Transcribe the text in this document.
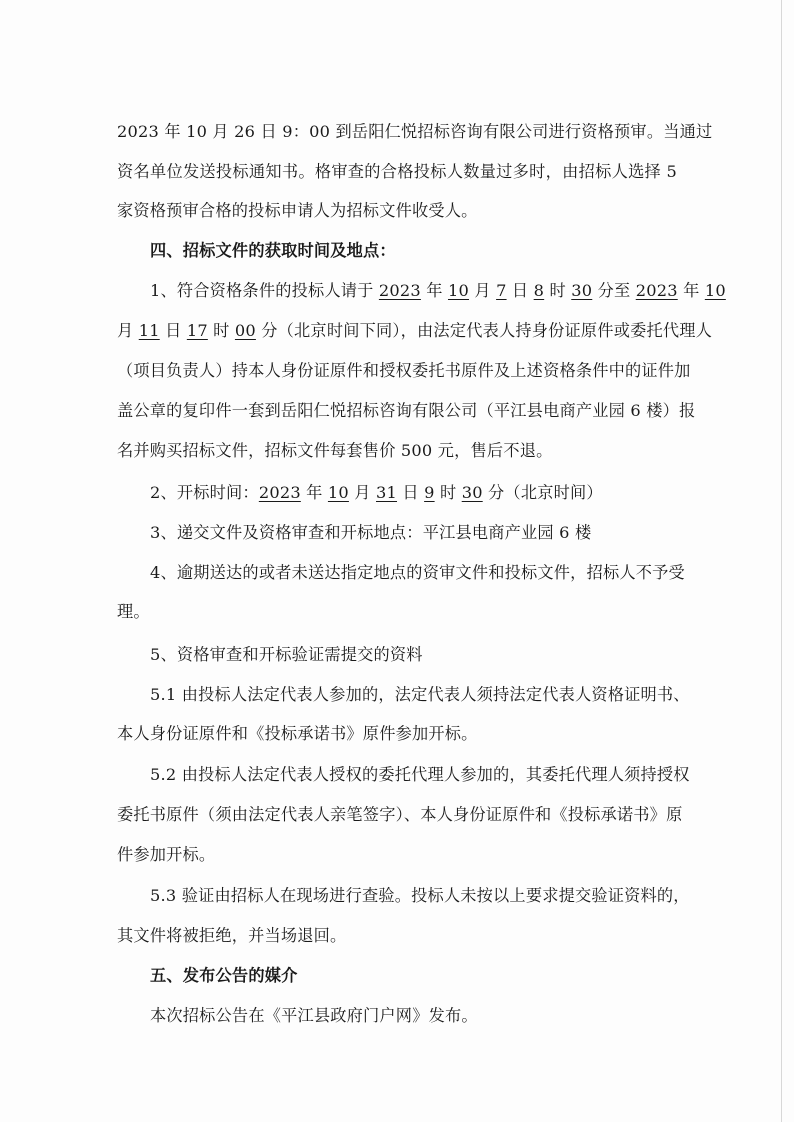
2023 年 10 月 26 日 9：00 到岳阳仁悦招标咨询有限公司进行资格预审。当通过
资名单位发送投标通知书。格审查的合格投标人数量过多时，由招标人选择 5
家资格预审合格的投标申请人为招标文件收受人。
四、招标文件的获取时间及地点：
1、符合资格条件的投标人请于 2023 年 10 月 7 日 8 时 30 分至 2023 年 10
月 11 日 17 时 00 分（北京时间下同），由法定代表人持身份证原件或委托代理人
（项目负责人）持本人身份证原件和授权委托书原件及上述资格条件中的证件加
盖公章的复印件一套到岳阳仁悦招标咨询有限公司（平江县电商产业园 6 楼）报
名并购买招标文件，招标文件每套售价 500 元，售后不退。
2、开标时间：2023 年 10 月 31 日 9 时 30 分（北京时间）
3、递交文件及资格审查和开标地点：平江县电商产业园 6 楼
4、逾期送达的或者未送达指定地点的资审文件和投标文件，招标人不予受
理。
5、资格审查和开标验证需提交的资料
5.1 由投标人法定代表人参加的，法定代表人须持法定代表人资格证明书、
本人身份证原件和《投标承诺书》原件参加开标。
5.2 由投标人法定代表人授权的委托代理人参加的，其委托代理人须持授权
委托书原件（须由法定代表人亲笔签字）、本人身份证原件和《投标承诺书》原
件参加开标。
5.3 验证由招标人在现场进行查验。投标人未按以上要求提交验证资料的，
其文件将被拒绝，并当场退回。
五、发布公告的媒介
本次招标公告在《平江县政府门户网》发布。
